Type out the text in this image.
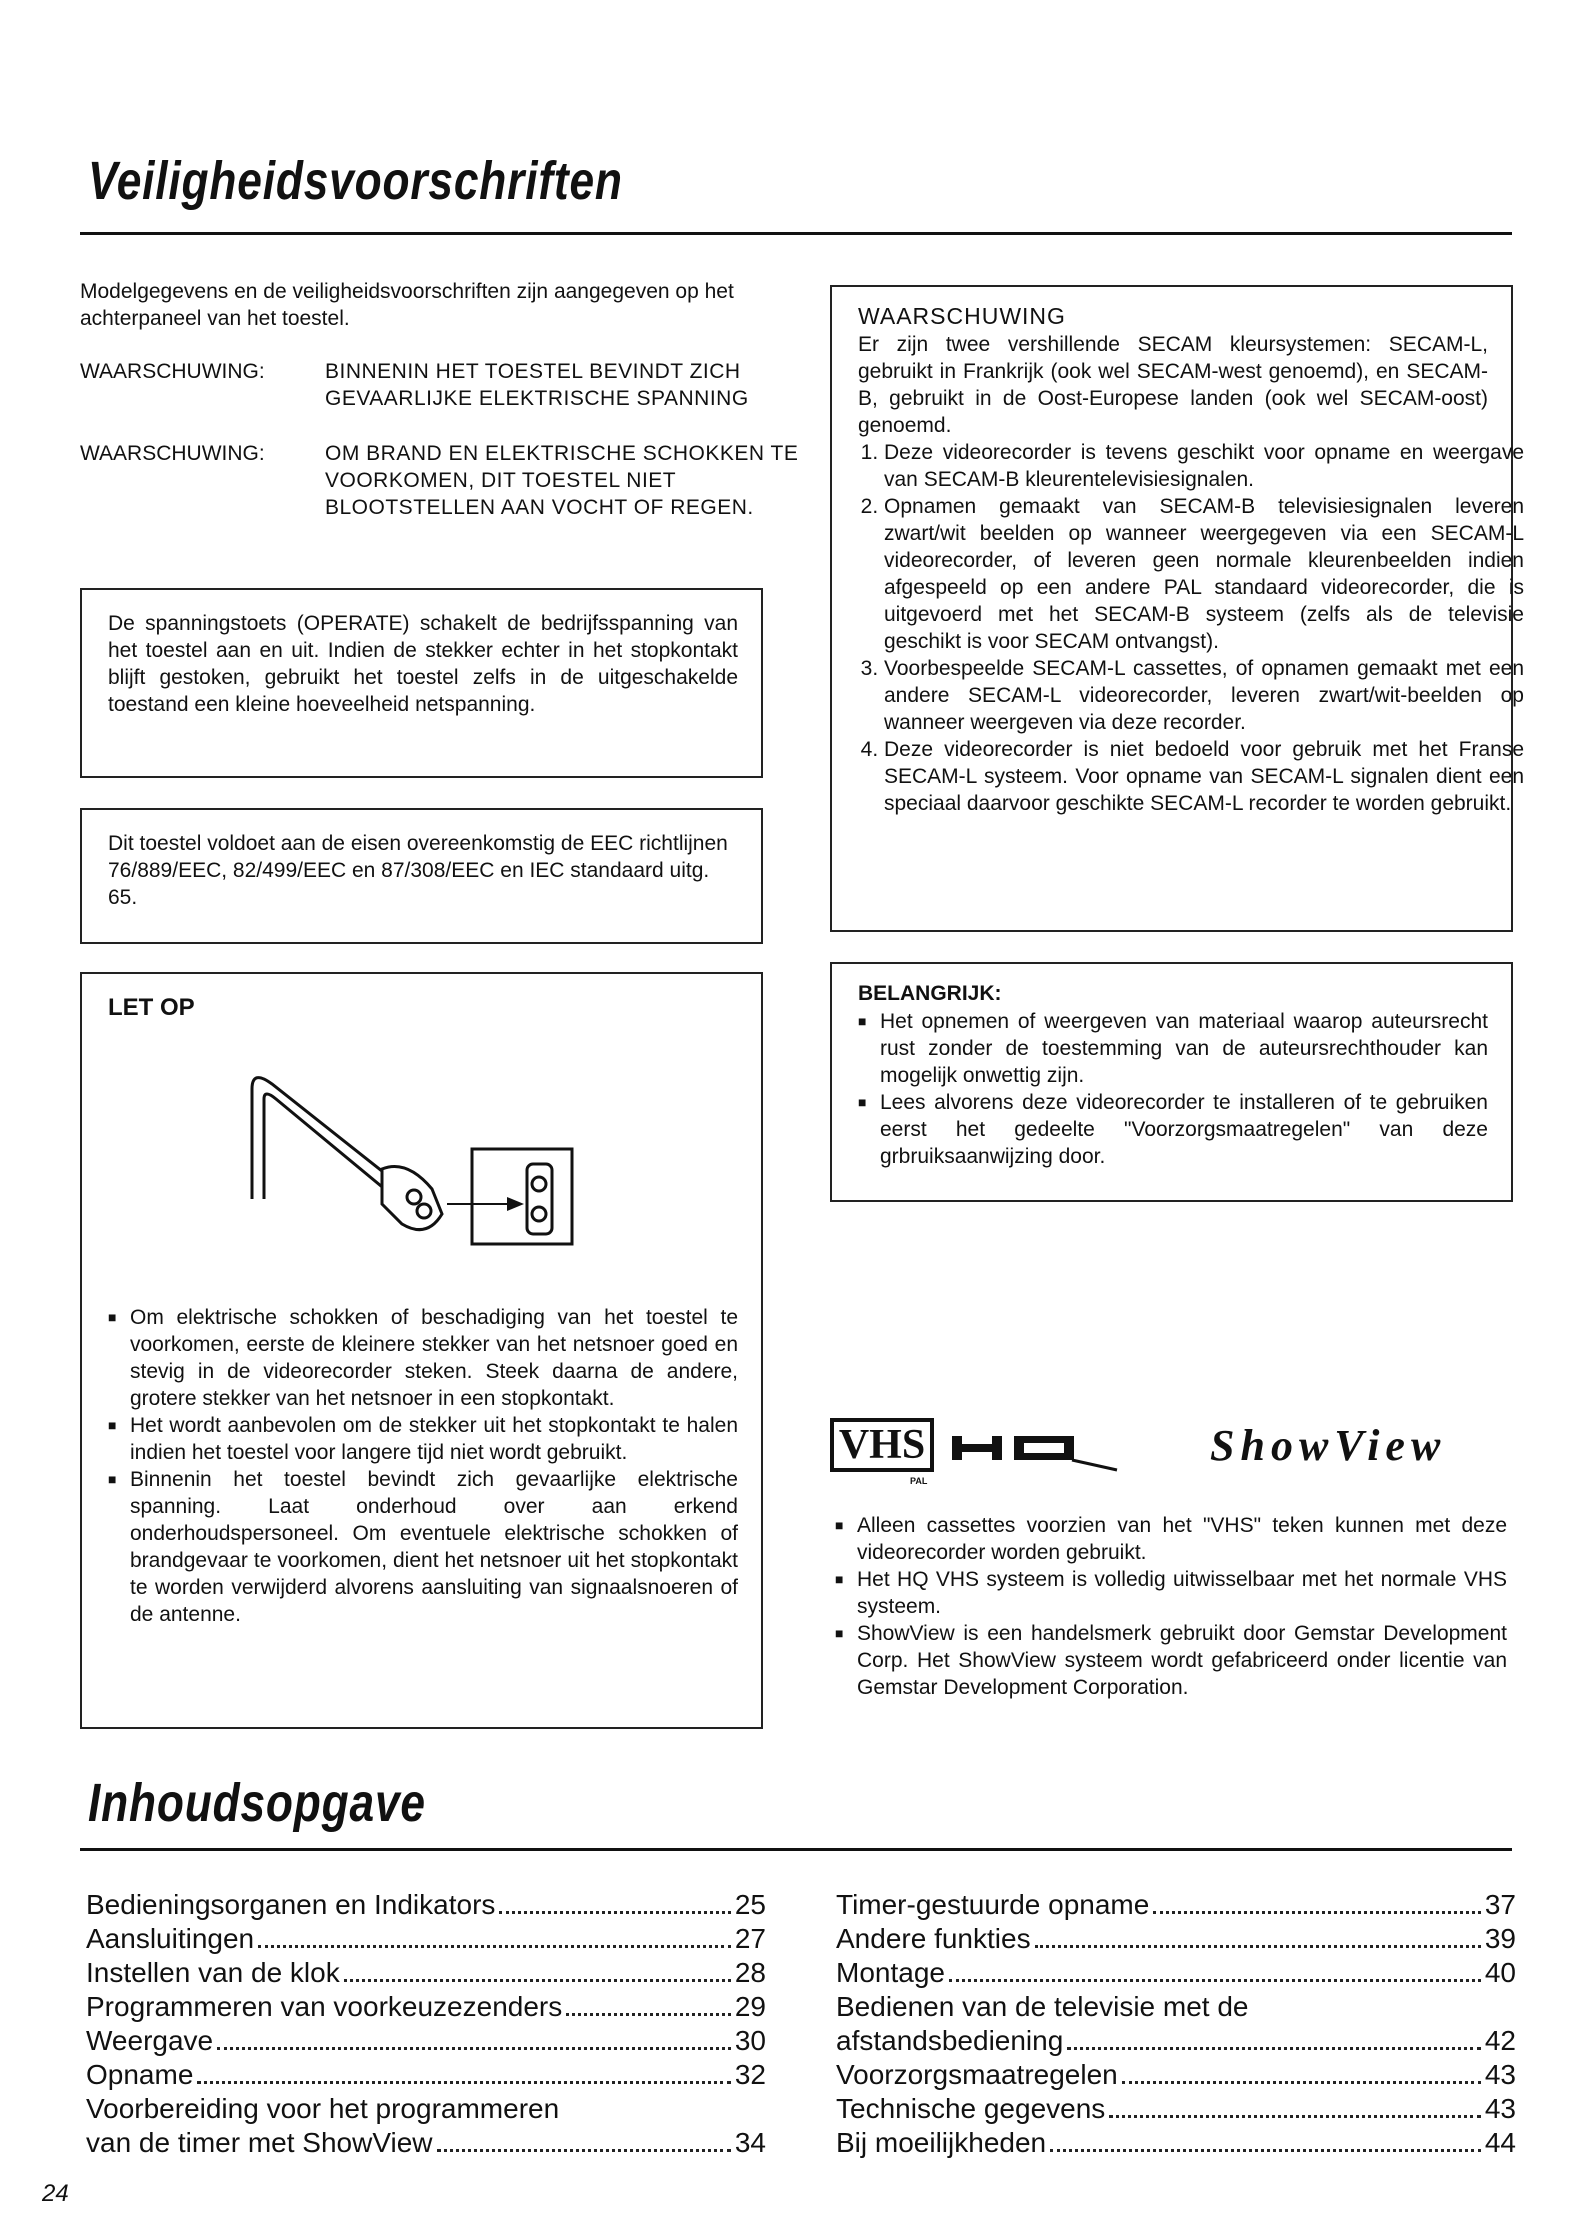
Veiligheidsvoorschriften
Modelgegevens en de veiligheidsvoorschriften zijn aangegeven op het achterpaneel van het toestel.
WAARSCHUWING:	BINNENIN HET TOESTEL BEVINDT ZICH GEVAARLIJKE ELEKTRISCHE SPANNING
WAARSCHUWING:	OM BRAND EN ELEKTRISCHE SCHOKKEN TE VOORKOMEN, DIT TOESTEL NIET BLOOTSTELLEN AAN VOCHT OF REGEN.
De spanningstoets (OPERATE) schakelt de bedrijfsspanning van het toestel aan en uit. Indien de stekker echter in het stopkontakt blijft gestoken, gebruikt het toestel zelfs in de uitgeschakelde toestand een kleine hoeveelheid netspanning.
Dit toestel voldoet aan de eisen overeenkomstig de EEC richtlijnen 76/889/EEC, 82/499/EEC en 87/308/EEC en IEC standaard uitg. 65.
LET OP
■ Om elektrische schokken of beschadiging van het toestel te voorkomen, eerste de kleinere stekker van het netsnoer goed en stevig in de videorecorder steken. Steek daarna de andere, grotere stekker van het netsnoer in een stopkontakt.
■ Het wordt aanbevolen om de stekker uit het stopkontakt te halen indien het toestel voor langere tijd niet wordt gebruikt.
■ Binnenin het toestel bevindt zich gevaarlijke elektrische spanning. Laat onderhoud over aan erkend onderhoudspersoneel. Om eventuele elektrische schokken of brandgevaar te voorkomen, dient het netsnoer uit het stopkontakt te worden verwijderd alvorens aansluiting van signaalsnoeren of de antenne.
WAARSCHUWING
Er zijn twee vershillende SECAM kleursystemen: SECAM-L, gebruikt in Frankrijk (ook wel SECAM-west genoemd), en SECAM-B, gebruikt in de Oost-Europese landen (ook wel SECAM-oost) genoemd.
1. Deze videorecorder is tevens geschikt voor opname en weergave van SECAM-B kleurentelevisiesignalen.
2. Opnamen gemaakt van SECAM-B televisiesignalen leveren zwart/wit beelden op wanneer weergegeven via een SECAM-L videorecorder, of leveren geen normale kleurenbeelden indien afgespeeld op een andere PAL standaard videorecorder, die is uitgevoerd met het SECAM-B systeem (zelfs als de televisie geschikt is voor SECAM ontvangst).
3. Voorbespeelde SECAM-L cassettes, of opnamen gemaakt met een andere SECAM-L videorecorder, leveren zwart/wit-beelden op wanneer weergeven via deze recorder.
4. Deze videorecorder is niet bedoeld voor gebruik met het Franse SECAM-L systeem. Voor opname van SECAM-L signalen dient een speciaal daarvoor geschikte SECAM-L recorder te worden gebruikt.
BELANGRIJK:
■ Het opnemen of weergeven van materiaal waarop auteursrecht rust zonder de toestemming van de auteursrechthouder kan mogelijk onwettig zijn.
■ Lees alvorens deze videorecorder te installeren of te gebruiken eerst het gedeelte "Voorzorgsmaatregelen" van deze grbruiksaanwijzing door.
VHS
PAL
ShowView
■ Alleen cassettes voorzien van het "VHS" teken kunnen met deze videorecorder worden gebruikt.
■ Het HQ VHS systeem is volledig uitwisselbaar met het normale VHS systeem.
■ ShowView is een handelsmerk gebruikt door Gemstar Development Corp. Het ShowView systeem wordt gefabriceerd onder licentie van Gemstar Development Corporation.
Inhoudsopgave
Bedieningsorganen en Indikators	25
Aansluitingen	27
Instellen van de klok	28
Programmeren van voorkeuzezenders	29
Weergave	30
Opname	32
Voorbereiding voor het programmeren
van de timer met ShowView	34
Timer-gestuurde opname	37
Andere funkties	39
Montage	40
Bedienen van de televisie met de
afstandsbediening	42
Voorzorgsmaatregelen	43
Technische gegevens	43
Bij moeilijkheden	44
24
